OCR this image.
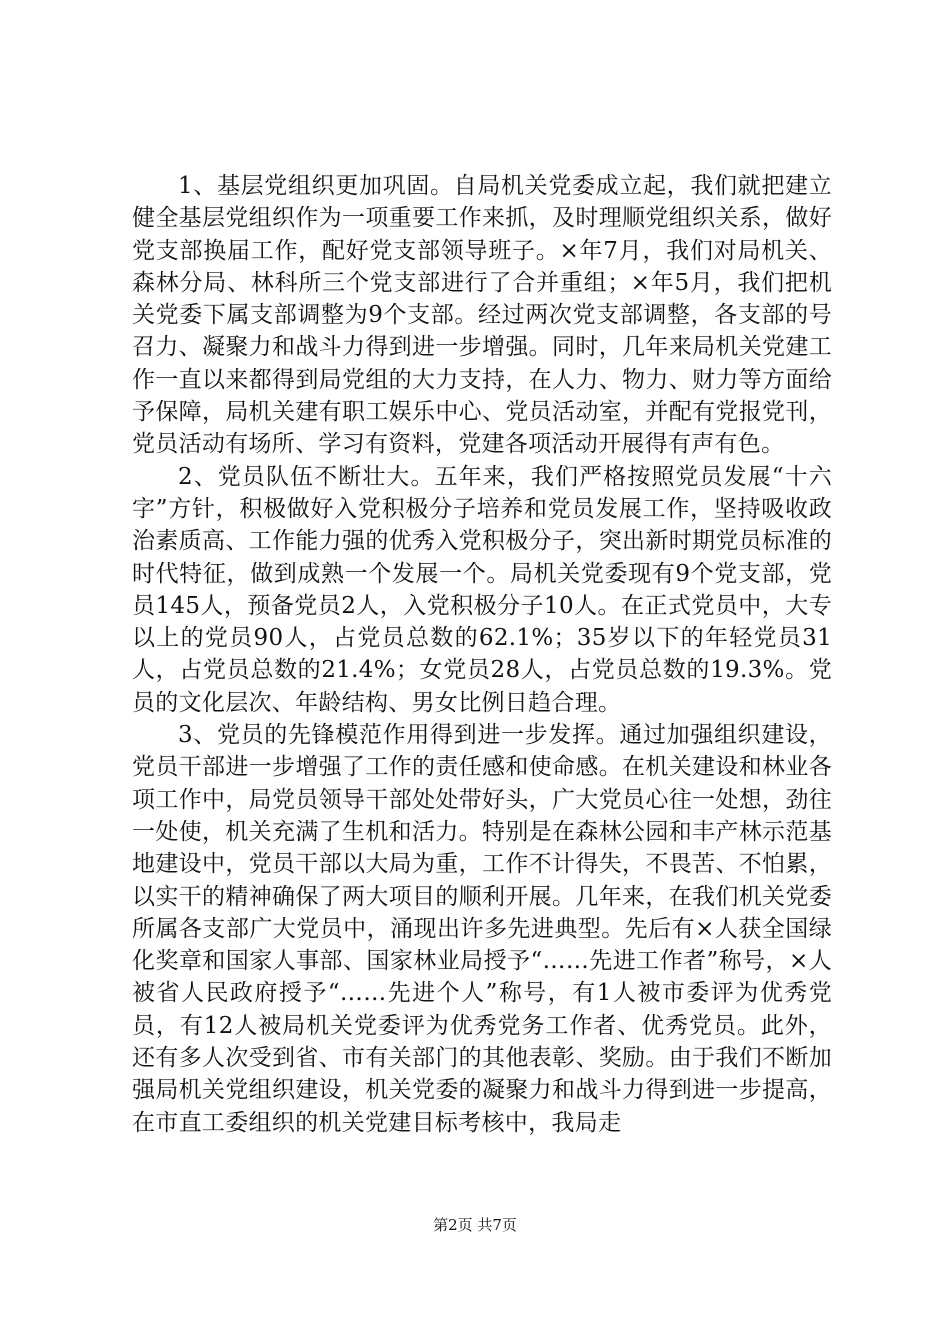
1、基层党组织更加巩固。自局机关党委成立起，我们就把建立健全基层党组织作为一项重要工作来抓，及时理顺党组织关系，做好党支部换届工作，配好党支部领导班子。×年7月，我们对局机关、森林分局、林科所三个党支部进行了合并重组；×年5月，我们把机关党委下属支部调整为9个支部。经过两次党支部调整，各支部的号召力、凝聚力和战斗力得到进一步增强。同时，几年来局机关党建工作一直以来都得到局党组的大力支持，在人力、物力、财力等方面给予保障，局机关建有职工娱乐中心、党员活动室，并配有党报党刊，党员活动有场所、学习有资料，党建各项活动开展得有声有色。

2、党员队伍不断壮大。五年来，我们严格按照党员发展“十六字”方针，积极做好入党积极分子培养和党员发展工作，坚持吸收政治素质高、工作能力强的优秀入党积极分子，突出新时期党员标准的时代特征，做到成熟一个发展一个。局机关党委现有9个党支部，党员145人，预备党员2人，入党积极分子10人。在正式党员中，大专以上的党员90人，占党员总数的62.1%；35岁以下的年轻党员31人，占党员总数的21.4%；女党员28人，占党员总数的19.3%。党员的文化层次、年龄结构、男女比例日趋合理。

3、党员的先锋模范作用得到进一步发挥。通过加强组织建设，党员干部进一步增强了工作的责任感和使命感。在机关建设和林业各项工作中，局党员领导干部处处带好头，广大党员心往一处想，劲往一处使，机关充满了生机和活力。特别是在森林公园和丰产林示范基地建设中，党员干部以大局为重，工作不计得失，不畏苦、不怕累，以实干的精神确保了两大项目的顺利开展。几年来，在我们机关党委所属各支部广大党员中，涌现出许多先进典型。先后有×人获全国绿化奖章和国家人事部、国家林业局授予“……先进工作者”称号，×人被省人民政府授予“……先进个人”称号，有1人被市委评为优秀党员，有12人被局机关党委评为优秀党务工作者、优秀党员。此外，还有多人次受到省、市有关部门的其他表彰、奖励。由于我们不断加强局机关党组织建设，机关党委的凝聚力和战斗力得到进一步提高，在市直工委组织的机关党建目标考核中，我局走

第2页 共7页
